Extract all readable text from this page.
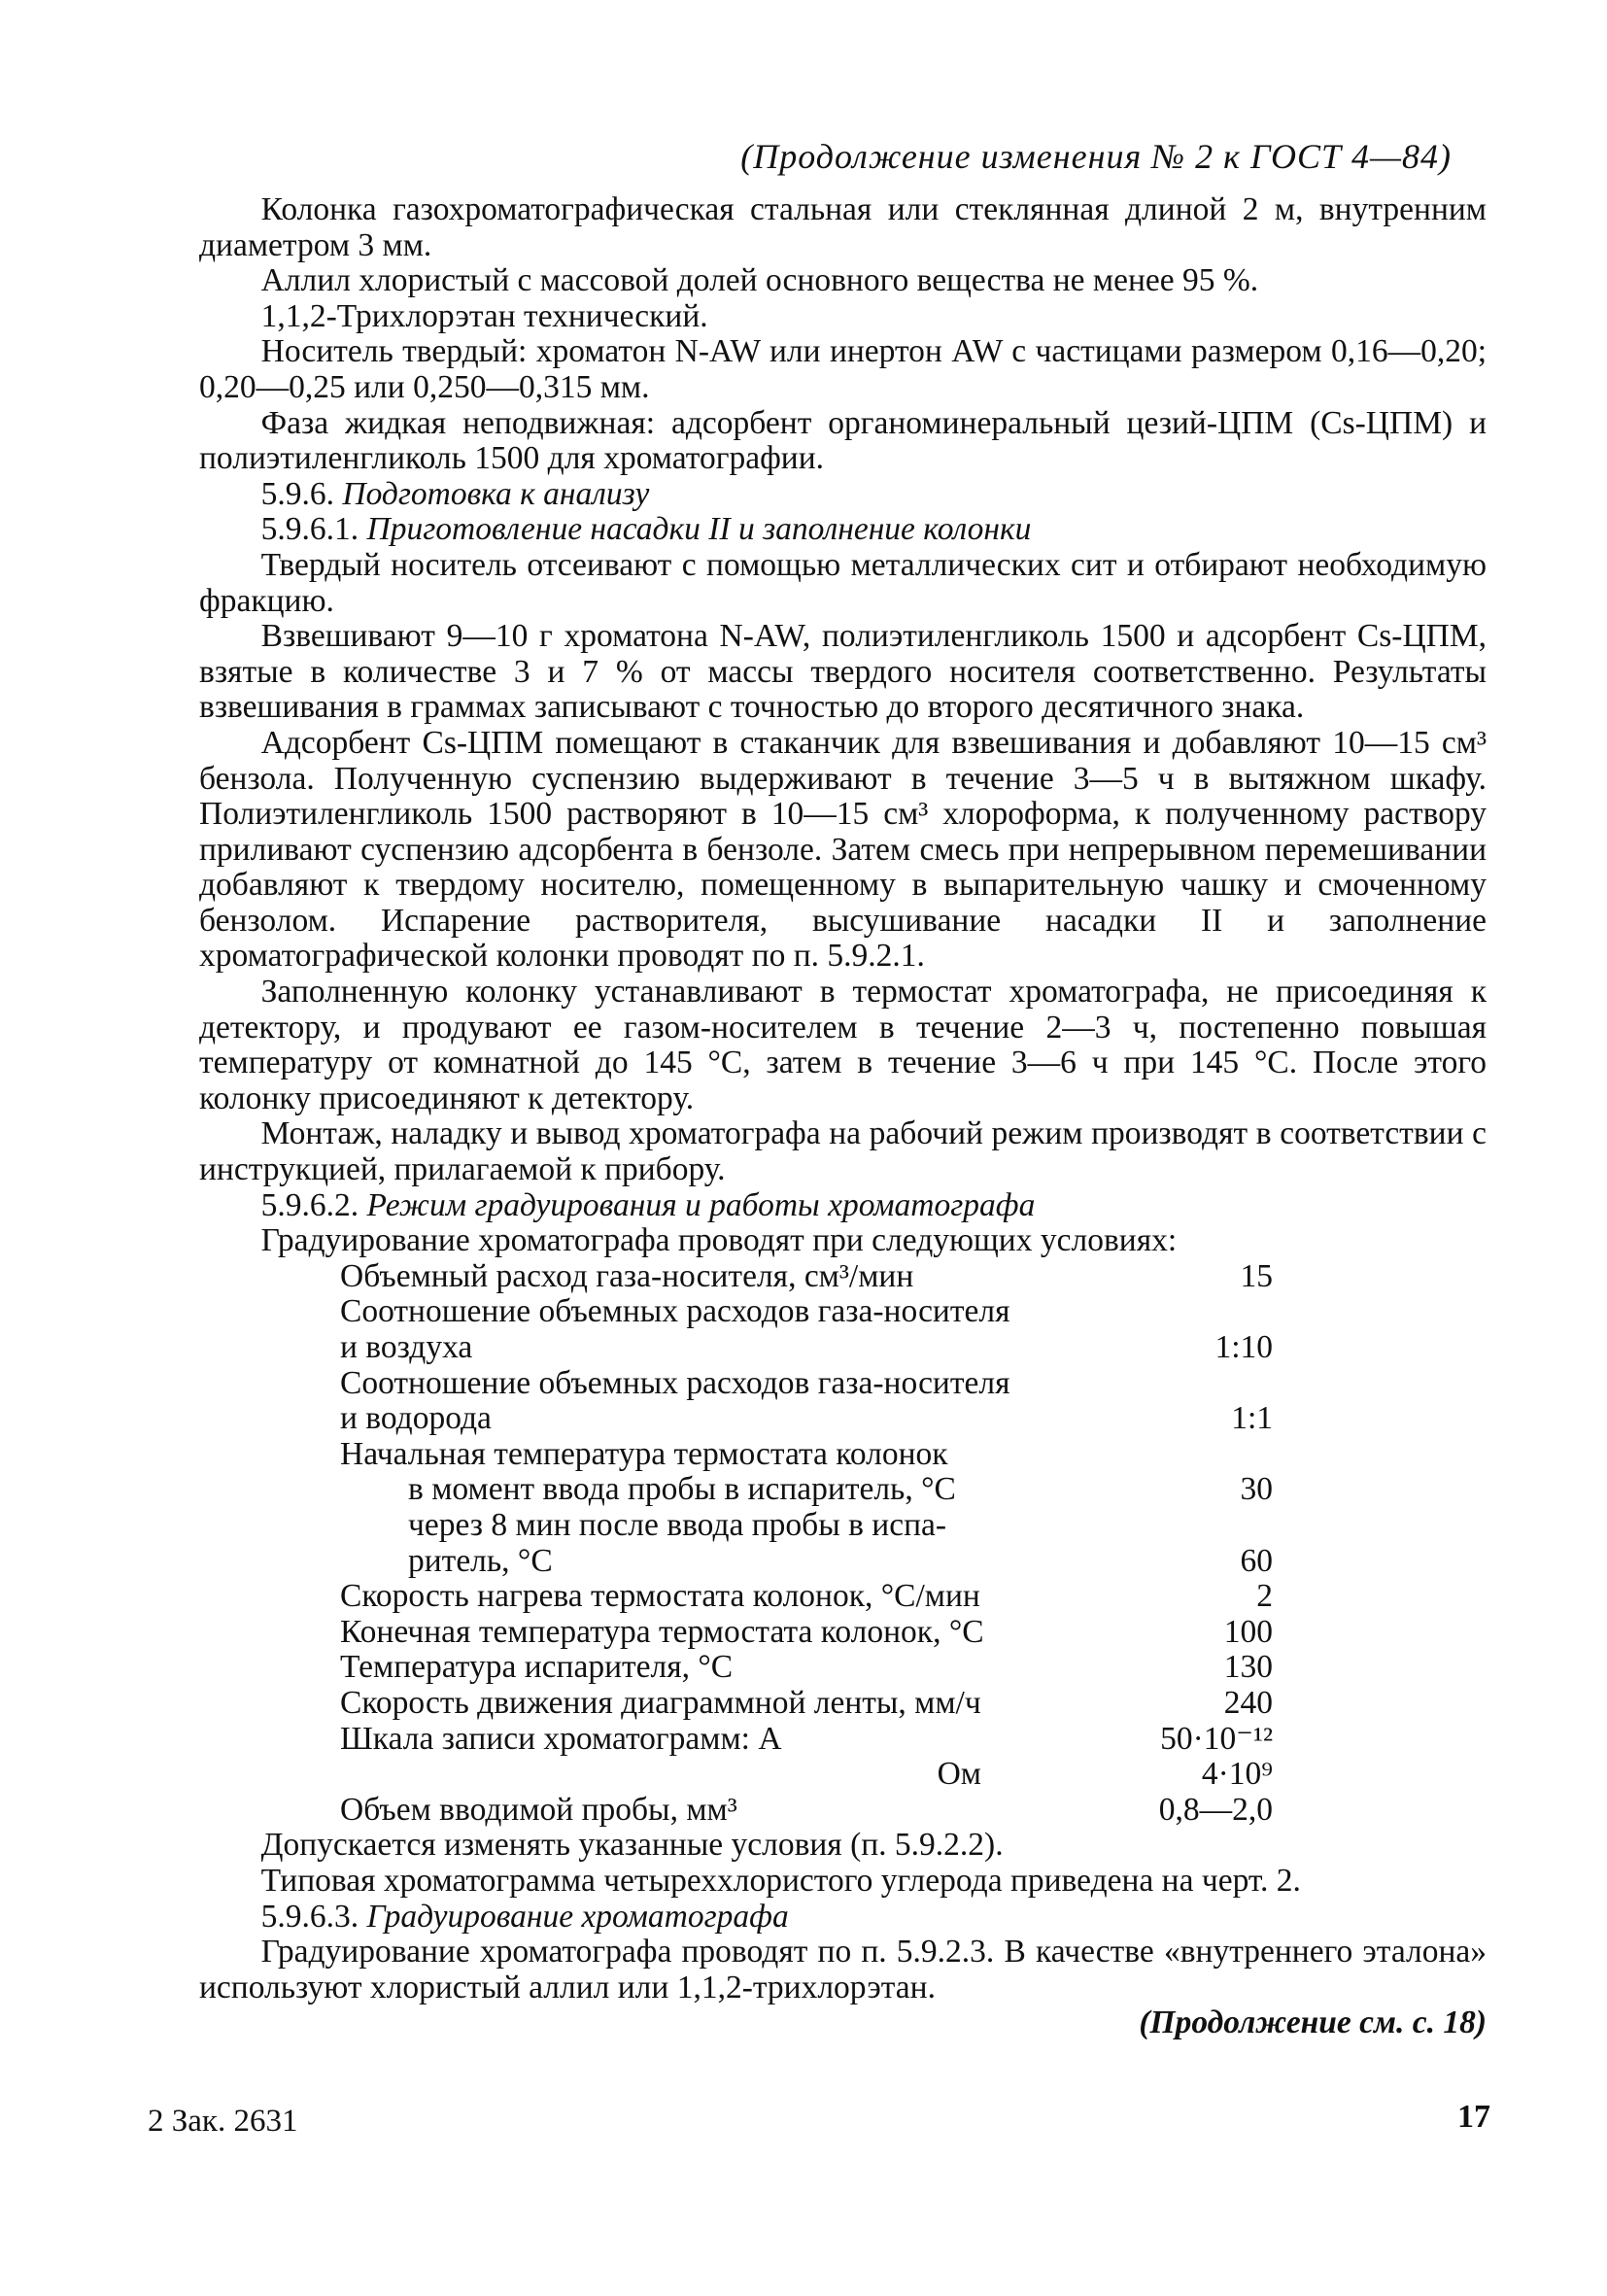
(Продолжение изменения № 2 к ГОСТ 4—84)

Колонка газохроматографическая стальная или стеклянная длиной 2 м, внутренним диаметром 3 мм.

Аллил хлористый с массовой долей основного вещества не менее 95 %.

1,1,2-Трихлорэтан технический.

Носитель твердый: хроматон N-AW или инертон AW с частицами размером 0,16—0,20; 0,20—0,25 или 0,250—0,315 мм.

Фаза жидкая неподвижная: адсорбент органоминеральный цезий-ЦПМ (Cs-ЦПМ) и полиэтиленгликоль 1500 для хроматографии.

5.9.6. Подготовка к анализу

5.9.6.1. Приготовление насадки II и заполнение колонки

Твердый носитель отсеивают с помощью металлических сит и отбирают необходимую фракцию.

Взвешивают 9—10 г хроматона N-AW, полиэтиленгликоль 1500 и адсорбент Cs-ЦПМ, взятые в количестве 3 и 7 % от массы твердого носителя соответственно. Результаты взвешивания в граммах записывают с точностью до второго десятичного знака.

Адсорбент Cs-ЦПМ помещают в стаканчик для взвешивания и добавляют 10—15 см³ бензола. Полученную суспензию выдерживают в течение 3—5 ч в вытяжном шкафу. Полиэтиленгликоль 1500 растворяют в 10—15 см³ хлороформа, к полученному раствору приливают суспензию адсорбента в бензоле. Затем смесь при непрерывном перемешивании добавляют к твердому носителю, помещенному в выпарительную чашку и смоченному бензолом. Испарение растворителя, высушивание насадки II и заполнение хроматографической колонки проводят по п. 5.9.2.1.

Заполненную колонку устанавливают в термостат хроматографа, не присоединяя к детектору, и продувают ее газом-носителем в течение 2—3 ч, постепенно повышая температуру от комнатной до 145 °С, затем в течение 3—6 ч при 145 °С. После этого колонку присоединяют к детектору.

Монтаж, наладку и вывод хроматографа на рабочий режим производят в соответствии с инструкцией, прилагаемой к прибору.

5.9.6.2. Режим градуирования и работы хроматографа

Градуирование хроматографа проводят при следующих условиях:

Объемный расход газа-носителя, см³/мин	15
Соотношение объемных расходов газа-носителя
и воздуха	1:10
Соотношение объемных расходов газа-носителя
и водорода	1:1
Начальная температура термостата колонок
в момент ввода пробы в испаритель, °С	30
через 8 мин после ввода пробы в испа-
ритель, °С	60
Скорость нагрева термостата колонок, °С/мин	2
Конечная температура термостата колонок, °С	100
Температура испарителя, °С	130
Скорость движения диаграммной ленты, мм/ч	240
Шкала записи хроматограмм: А	50·10⁻¹²
Ом	4·10⁹
Объем вводимой пробы, мм³	0,8—2,0

Допускается изменять указанные условия (п. 5.9.2.2).

Типовая хроматограмма четыреххлористого углерода приведена на черт. 2.

5.9.6.3. Градуирование хроматографа

Градуирование хроматографа проводят по п. 5.9.2.3. В качестве «внутреннего эталона» используют хлористый аллил или 1,1,2-трихлорэтан.

(Продолжение см. с. 18)

2 Зак. 2631	17
